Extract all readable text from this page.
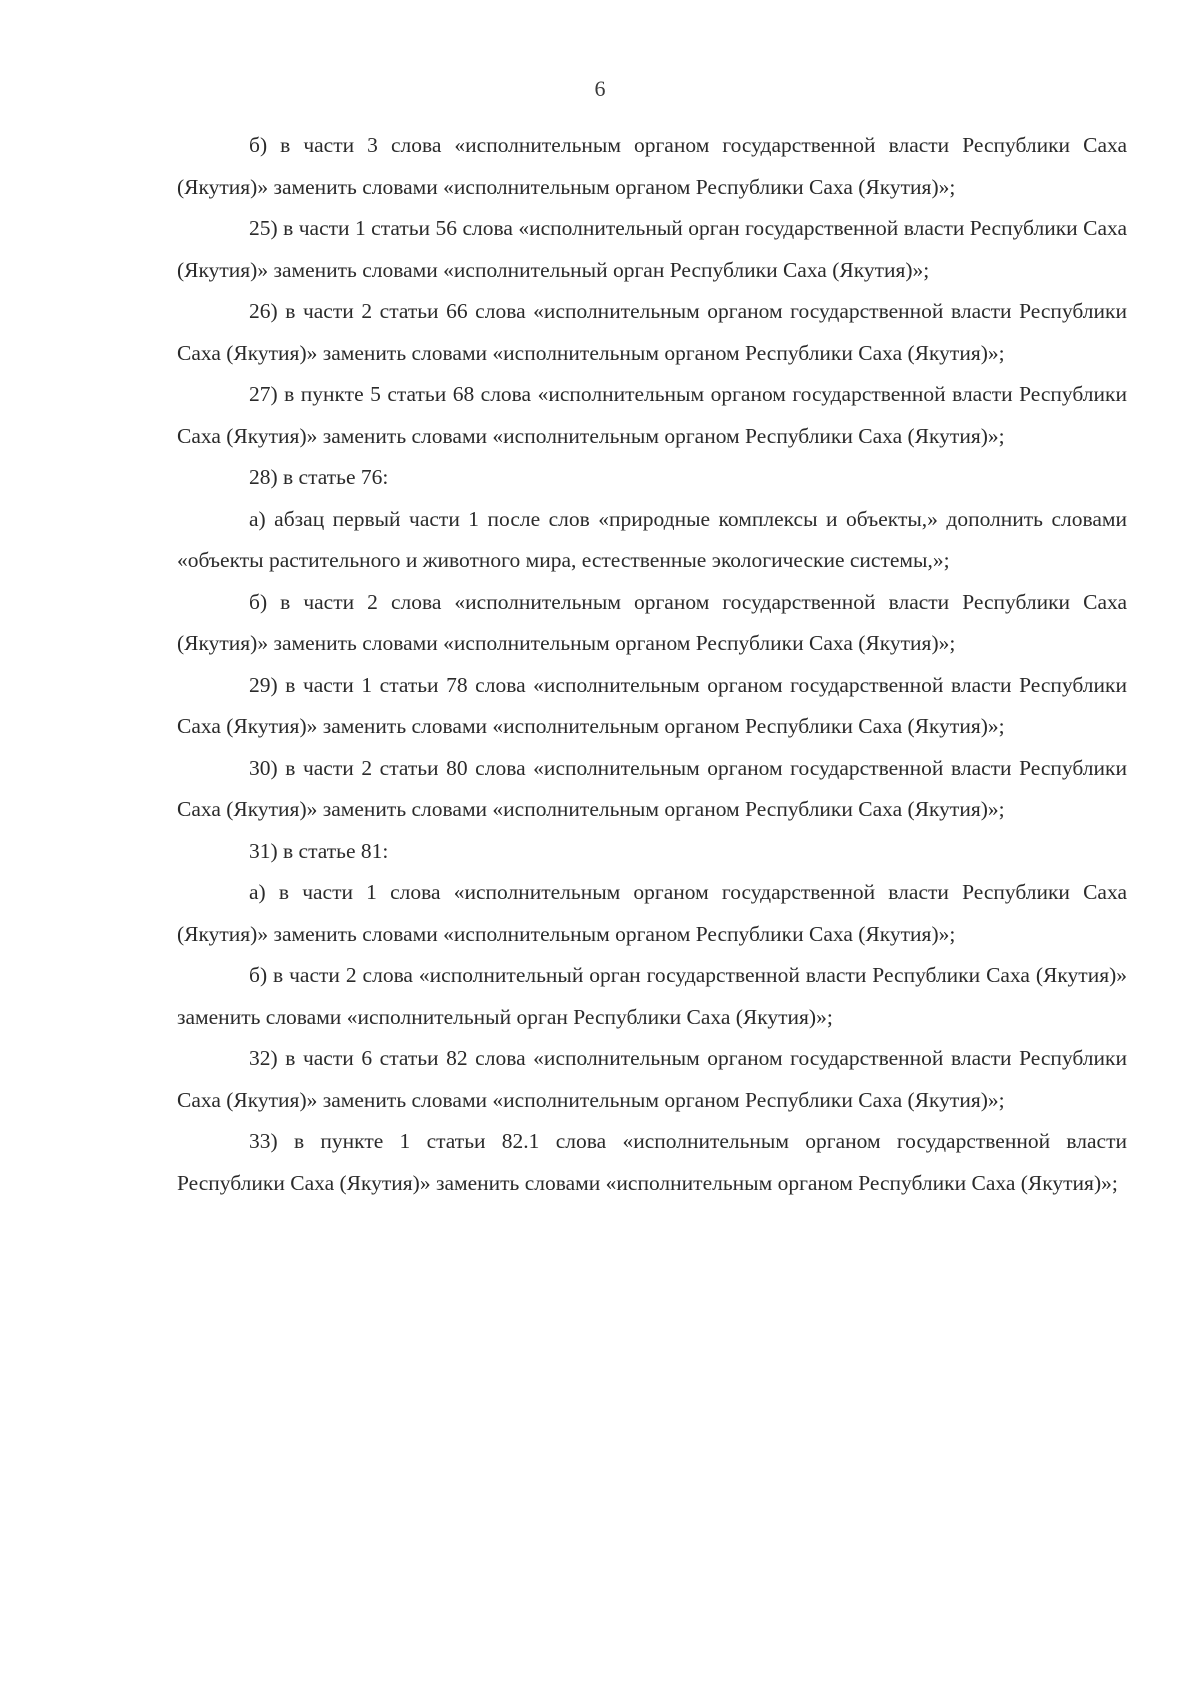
6

б) в части 3 слова «исполнительным органом государственной власти Республики Саха (Якутия)» заменить словами «исполнительным органом Республики Саха (Якутия)»;

25) в части 1 статьи 56 слова «исполнительный орган государственной власти Республики Саха (Якутия)» заменить словами «исполнительный орган Республики Саха (Якутия)»;

26) в части 2 статьи 66 слова «исполнительным органом государственной власти Республики Саха (Якутия)» заменить словами «исполнительным органом Республики Саха (Якутия)»;

27) в пункте 5 статьи 68 слова «исполнительным органом государственной власти Республики Саха (Якутия)» заменить словами «исполнительным органом Республики Саха (Якутия)»;

28) в статье 76:

а) абзац первый части 1 после слов «природные комплексы и объекты,» дополнить словами «объекты растительного и животного мира, естественные экологические системы,»;

б) в части 2 слова «исполнительным органом государственной власти Республики Саха (Якутия)» заменить словами «исполнительным органом Республики Саха (Якутия)»;

29) в части 1 статьи 78 слова «исполнительным органом государственной власти Республики Саха (Якутия)» заменить словами «исполнительным органом Республики Саха (Якутия)»;

30) в части 2 статьи 80 слова «исполнительным органом государственной власти Республики Саха (Якутия)» заменить словами «исполнительным органом Республики Саха (Якутия)»;

31) в статье 81:

а) в части 1 слова «исполнительным органом государственной власти Республики Саха (Якутия)» заменить словами «исполнительным органом Республики Саха (Якутия)»;

б) в части 2 слова «исполнительный орган государственной власти Республики Саха (Якутия)» заменить словами «исполнительный орган Республики Саха (Якутия)»;

32) в части 6 статьи 82 слова «исполнительным органом государственной власти Республики Саха (Якутия)» заменить словами «исполнительным органом Республики Саха (Якутия)»;

33) в пункте 1 статьи 82.1 слова «исполнительным органом государственной власти Республики Саха (Якутия)» заменить словами «исполнительным органом Республики Саха (Якутия)»;
